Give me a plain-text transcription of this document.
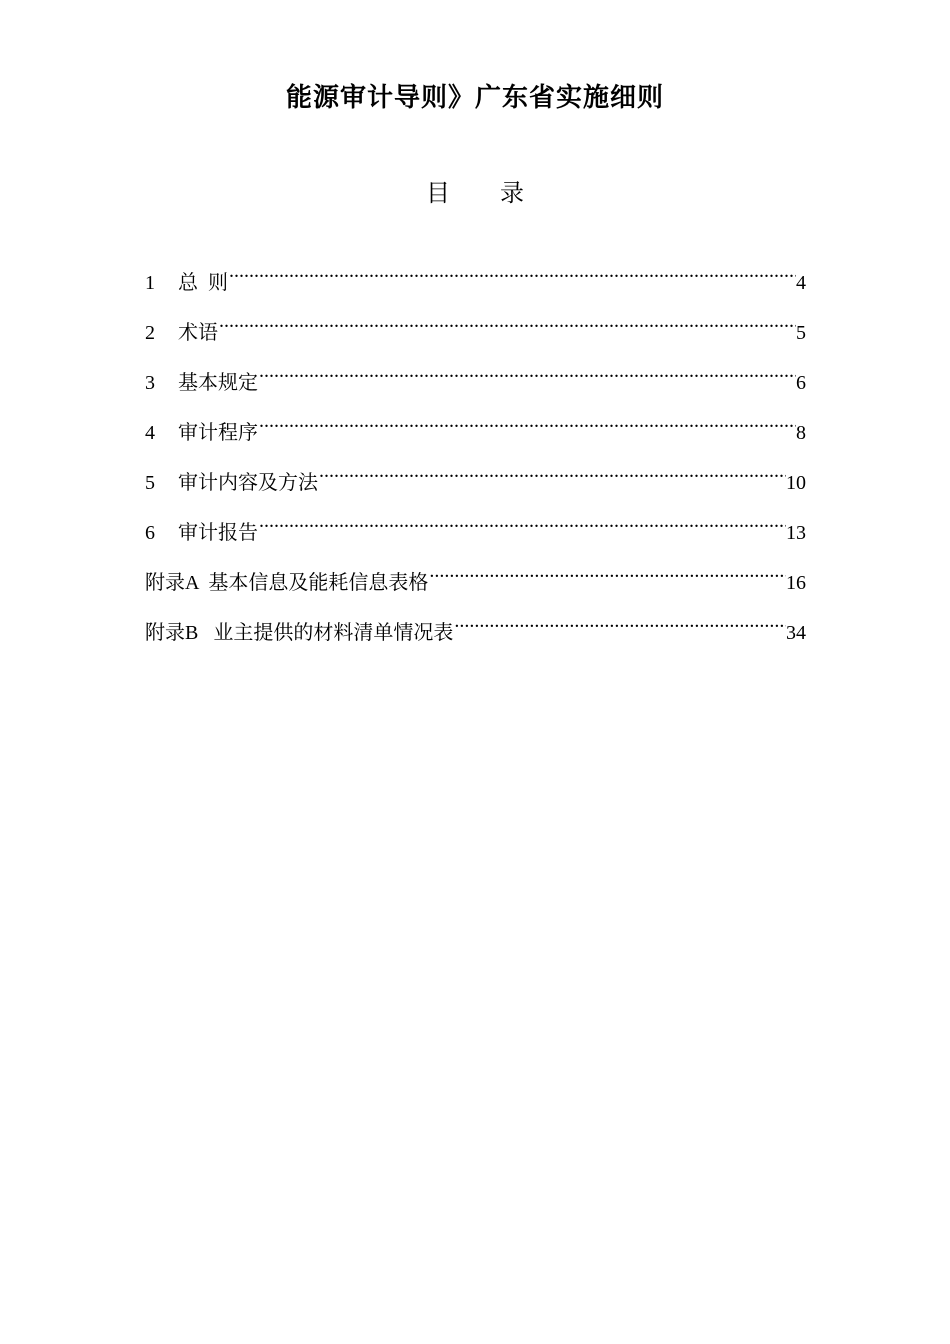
能源审计导则》广东省实施细则
目 录
1	总  则 .....	4
2	术语 .....	5
3	基本规定 .....	6
4	审计程序 .....	8
5	审计内容及方法 .....	10
6	审计报告 .....	13
附录A  基本信息及能耗信息表格 .....	16
附录B   业主提供的材料清单情况表 .....	34
